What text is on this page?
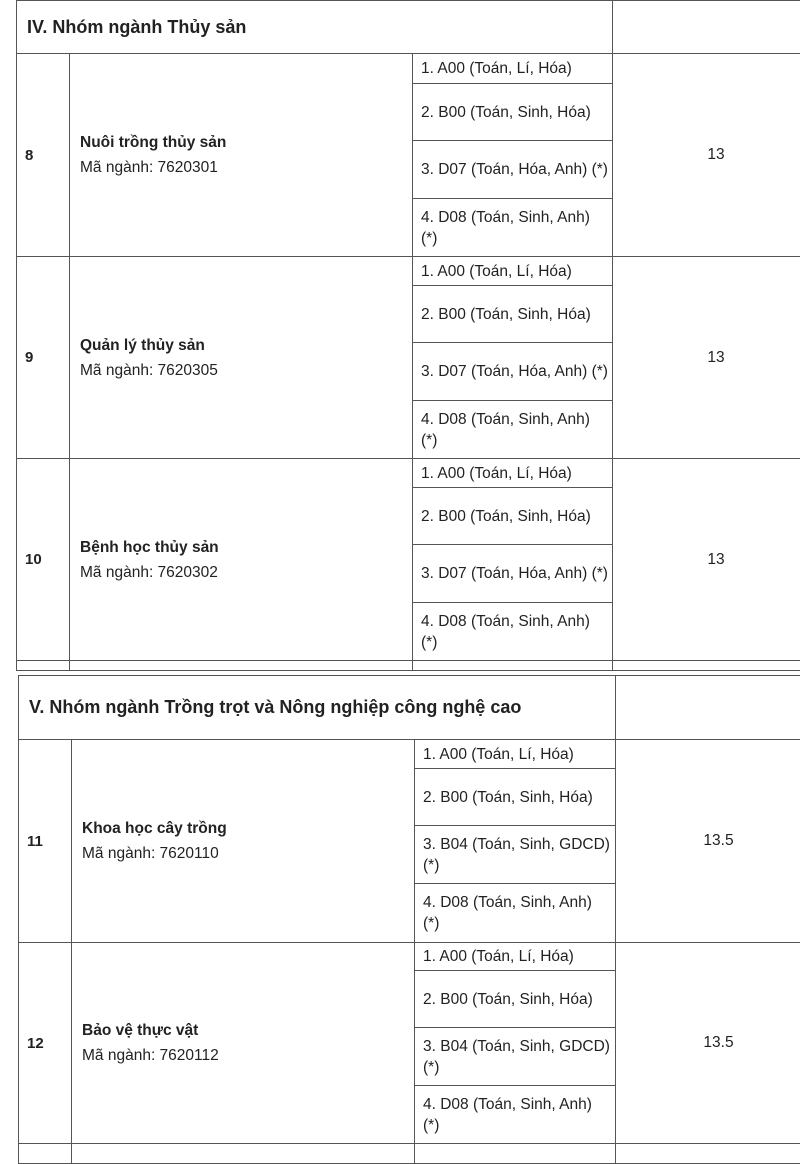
IV. Nhóm ngành Thủy sản			
8	Nuôi trồng thủy sản
Mã ngành: 7620301	1. A00 (Toán, Lí, Hóa)	13
		2. B00 (Toán, Sinh, Hóa)	
		3. D07 (Toán, Hóa, Anh) (*)	
		4. D08 (Toán, Sinh, Anh) (*)	
9	Quản lý thủy sản
Mã ngành: 7620305	1. A00 (Toán, Lí, Hóa)	13
		2. B00 (Toán, Sinh, Hóa)	
		3. D07 (Toán, Hóa, Anh) (*)	
		4. D08 (Toán, Sinh, Anh) (*)	
10	Bệnh học thủy sản
Mã ngành: 7620302	1. A00 (Toán, Lí, Hóa)	13
		2. B00 (Toán, Sinh, Hóa)	
		3. D07 (Toán, Hóa, Anh) (*)	
		4. D08 (Toán, Sinh, Anh) (*)	

V. Nhóm ngành Trồng trọt và Nông nghiệp công nghệ cao			
11	Khoa học cây trồng
Mã ngành: 7620110	1. A00 (Toán, Lí, Hóa)	13.5
		2. B00 (Toán, Sinh, Hóa)	
		3. B04 (Toán, Sinh, GDCD) (*)	
		4. D08 (Toán, Sinh, Anh) (*)	
12	Bảo vệ thực vật
Mã ngành: 7620112	1. A00 (Toán, Lí, Hóa)	13.5
		2. B00 (Toán, Sinh, Hóa)	
		3. B04 (Toán, Sinh, GDCD) (*)	
		4. D08 (Toán, Sinh, Anh) (*)	
